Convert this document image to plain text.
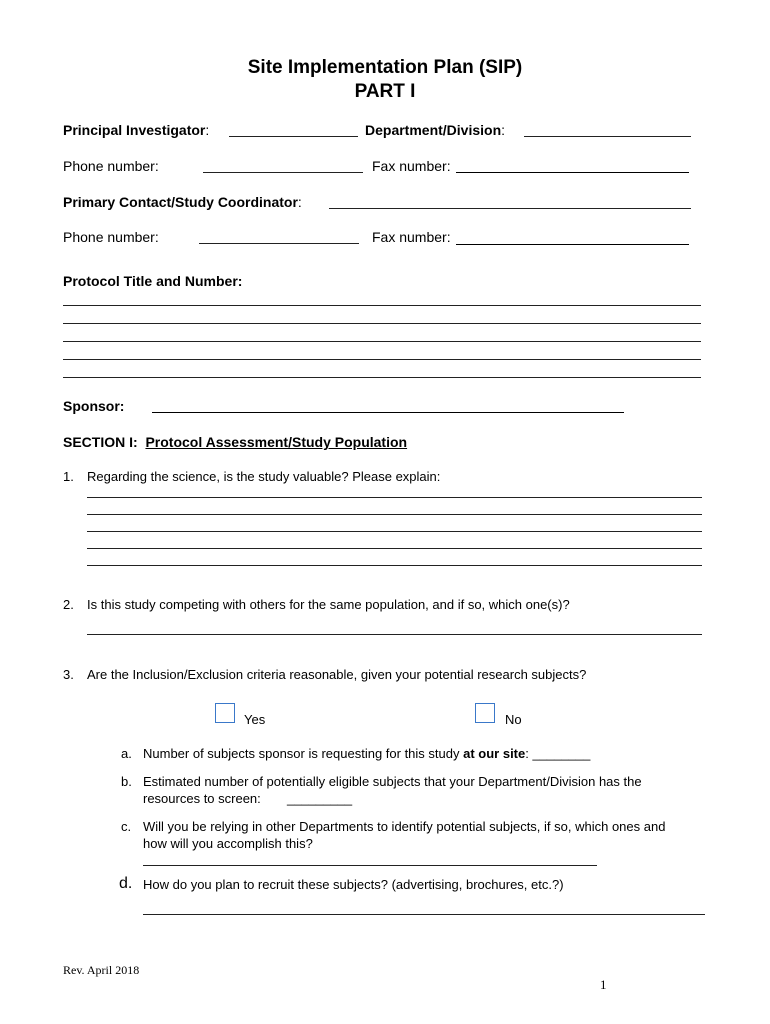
Site Implementation Plan (SIP)
PART I
Principal Investigator:	Department/Division:
Phone number:	Fax number:
Primary Contact/Study Coordinator:
Phone number:	Fax number:
Protocol Title and Number:
Sponsor:
SECTION I: Protocol Assessment/Study Population
1. Regarding the science, is the study valuable? Please explain:
2. Is this study competing with others for the same population, and if so, which one(s)?
3. Are the Inclusion/Exclusion criteria reasonable, given your potential research subjects?
Yes	No
a. Number of subjects sponsor is requesting for this study at our site: ________
b. Estimated number of potentially eligible subjects that your Department/Division has the
resources to screen: _________
c. Will you be relying in other Departments to identify potential subjects, if so, which ones and
how will you accomplish this?
d. How do you plan to recruit these subjects? (advertising, brochures, etc.?)
Rev. April 2018
1
